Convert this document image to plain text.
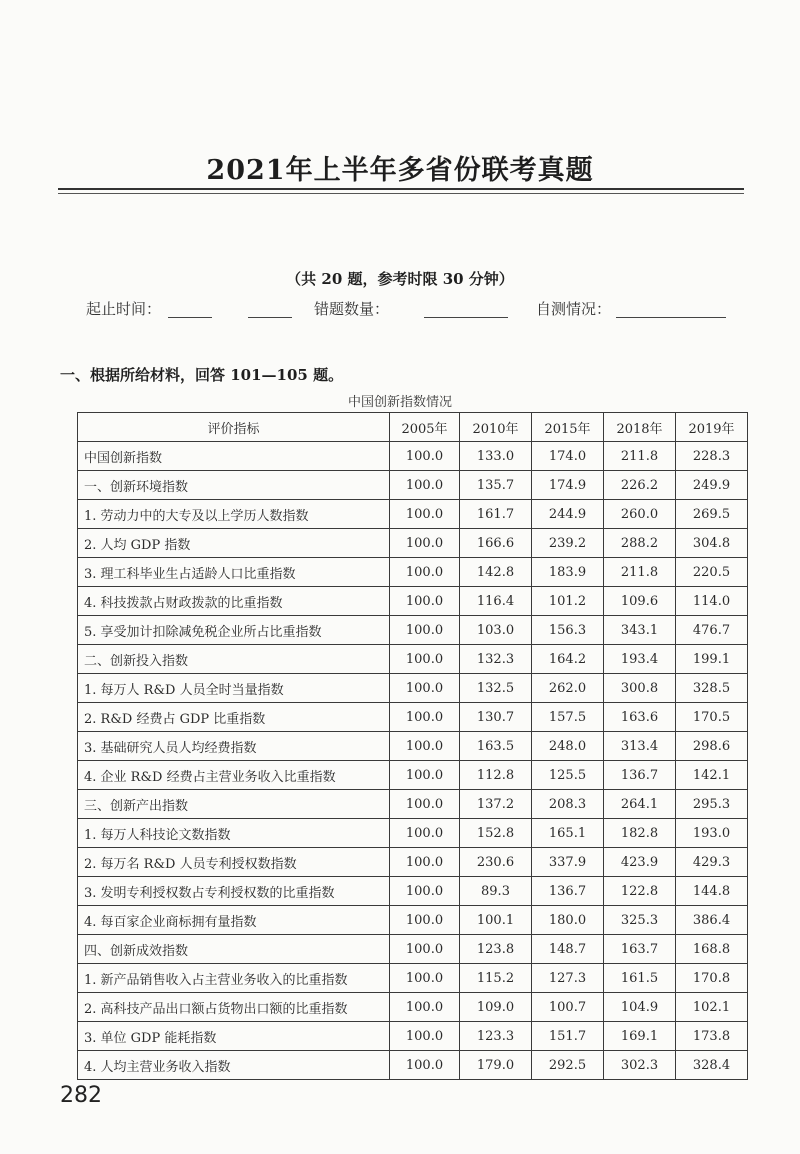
2021年上半年多省份联考真题
（共 20 题，参考时限 30 分钟）
起止时间：	错题数量：	自测情况：
一、根据所给材料，回答 101—105 题。
中国创新指数情况
评价指标	2005年	2010年	2015年	2018年	2019年
中国创新指数	100.0	133.0	174.0	211.8	228.3
一、创新环境指数	100.0	135.7	174.9	226.2	249.9
1. 劳动力中的大专及以上学历人数指数	100.0	161.7	244.9	260.0	269.5
2. 人均 GDP 指数	100.0	166.6	239.2	288.2	304.8
3. 理工科毕业生占适龄人口比重指数	100.0	142.8	183.9	211.8	220.5
4. 科技拨款占财政拨款的比重指数	100.0	116.4	101.2	109.6	114.0
5. 享受加计扣除减免税企业所占比重指数	100.0	103.0	156.3	343.1	476.7
二、创新投入指数	100.0	132.3	164.2	193.4	199.1
1. 每万人 R&D 人员全时当量指数	100.0	132.5	262.0	300.8	328.5
2. R&D 经费占 GDP 比重指数	100.0	130.7	157.5	163.6	170.5
3. 基础研究人员人均经费指数	100.0	163.5	248.0	313.4	298.6
4. 企业 R&D 经费占主营业务收入比重指数	100.0	112.8	125.5	136.7	142.1
三、创新产出指数	100.0	137.2	208.3	264.1	295.3
1. 每万人科技论文数指数	100.0	152.8	165.1	182.8	193.0
2. 每万名 R&D 人员专利授权数指数	100.0	230.6	337.9	423.9	429.3
3. 发明专利授权数占专利授权数的比重指数	100.0	89.3	136.7	122.8	144.8
4. 每百家企业商标拥有量指数	100.0	100.1	180.0	325.3	386.4
四、创新成效指数	100.0	123.8	148.7	163.7	168.8
1. 新产品销售收入占主营业务收入的比重指数	100.0	115.2	127.3	161.5	170.8
2. 高科技产品出口额占货物出口额的比重指数	100.0	109.0	100.7	104.9	102.1
3. 单位 GDP 能耗指数	100.0	123.3	151.7	169.1	173.8
4. 人均主营业务收入指数	100.0	179.0	292.5	302.3	328.4
282
